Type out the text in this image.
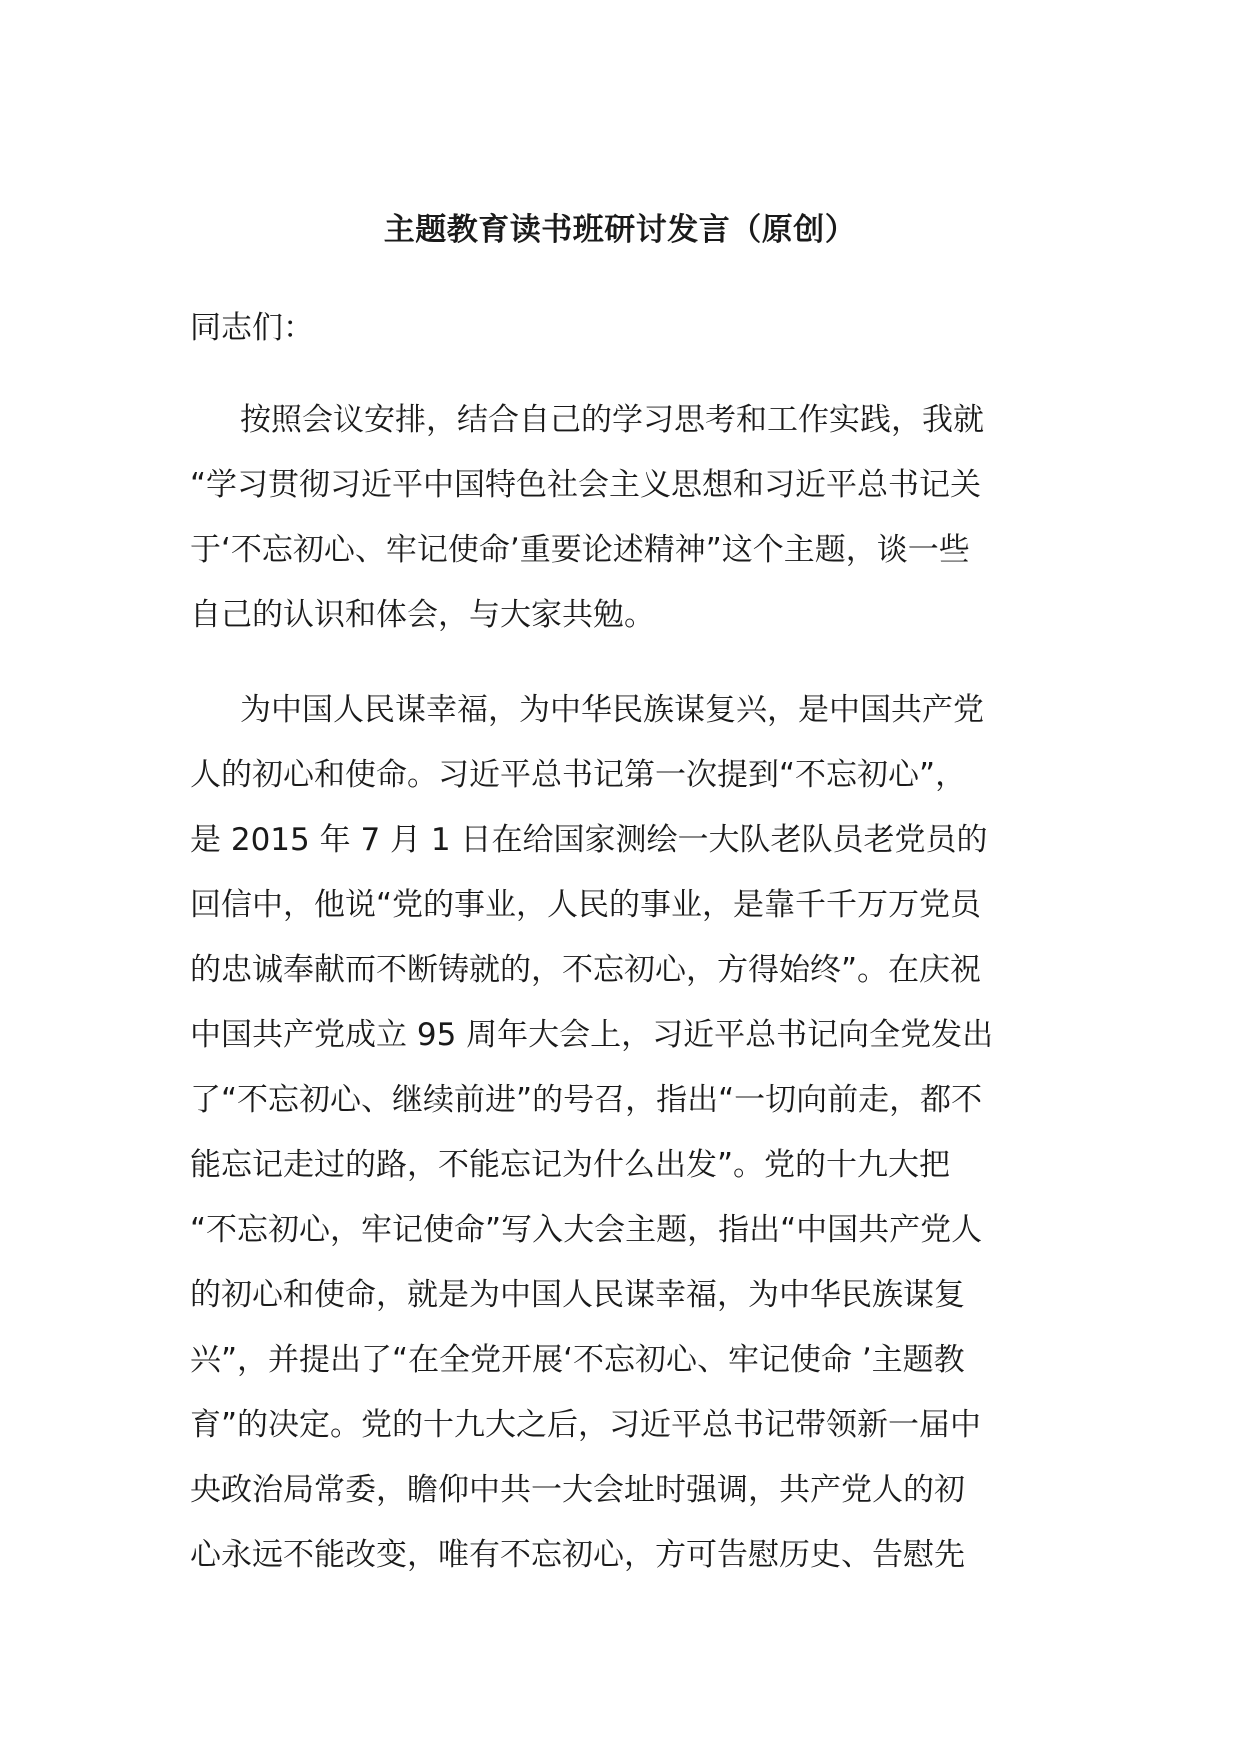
主题教育读书班研讨发言（原创）

同志们：

按照会议安排，结合自己的学习思考和工作实践，我就
“学习贯彻习近平中国特色社会主义思想和习近平总书记关
于‘不忘初心、牢记使命’重要论述精神”这个主题，谈一些
自己的认识和体会，与大家共勉。
为中国人民谋幸福，为中华民族谋复兴，是中国共产党
人的初心和使命。习近平总书记第一次提到“不忘初心”，
是 2015 年 7 月 1 日在给国家测绘一大队老队员老党员的
回信中，他说“党的事业，人民的事业，是靠千千万万党员
的忠诚奉献而不断铸就的，不忘初心，方得始终”。在庆祝
中国共产党成立 95 周年大会上，习近平总书记向全党发出
了“不忘初心、继续前进”的号召，指出“一切向前走，都不
能忘记走过的路，不能忘记为什么出发”。党的十九大把
“不忘初心，牢记使命”写入大会主题，指出“中国共产党人
的初心和使命，就是为中国人民谋幸福，为中华民族谋复
兴”，并提出了“在全党开展‘不忘初心、牢记使命 ’主题教
育”的决定。党的十九大之后，习近平总书记带领新一届中
央政治局常委，瞻仰中共一大会址时强调，共产党人的初
心永远不能改变，唯有不忘初心，方可告慰历史、告慰先
